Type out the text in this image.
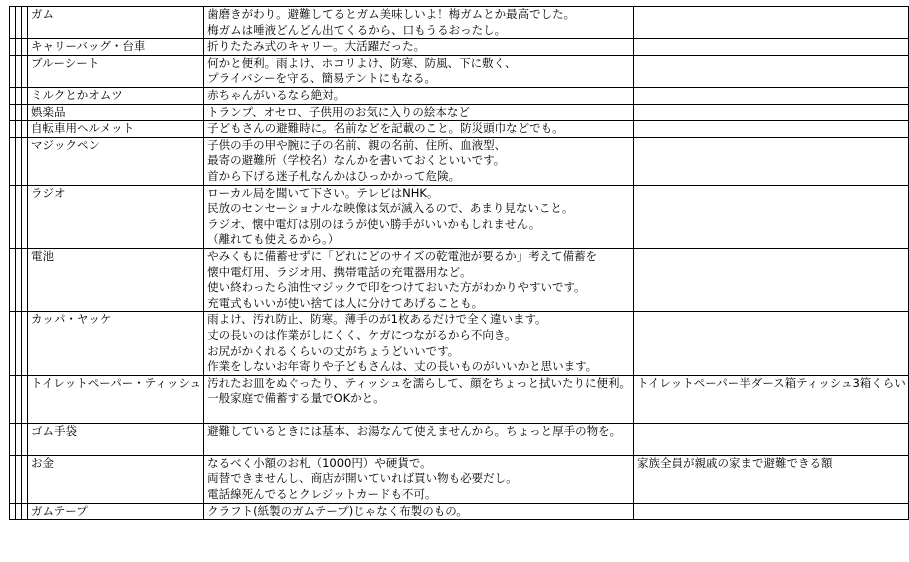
			ガム	歯磨きがわり。避難してるとガム美味しいよ！梅ガムとか最高でした。
梅ガムは唾液どんどん出てくるから、口もうるおったし。	

			キャリーバッグ・台車	折りたたみ式のキャリー。大活躍だった。	

			ブルーシート	何かと便利。雨よけ、ホコリよけ、防寒、防風、下に敷く、
プライバシーを守る、簡易テントにもなる。	

			ミルクとかオムツ	赤ちゃんがいるなら絶対。	

			娯楽品	トランプ、オセロ、子供用のお気に入りの絵本など	

			自転車用ヘルメット	子どもさんの避難時に。名前などを記載のこと。防災頭巾などでも。	

			マジックペン	子供の手の甲や腕に子の名前、親の名前、住所、血液型、
最寄の避難所（学校名）なんかを書いておくといいです。
首から下げる迷子札なんかはひっかかって危険。	

			ラジオ	ローカル局を聞いて下さい。テレビはNHK。
民放のセンセーショナルな映像は気が滅入るので、あまり見ないこと。
ラジオ、懐中電灯は別のほうが使い勝手がいいかもしれません。
（離れても使えるから。）	

			電池	やみくもに備蓄せずに「どれにどのサイズの乾電池が要るか」考えて備蓄を
懐中電灯用、ラジオ用、携帯電話の充電器用など。
使い終わったら油性マジックで印をつけておいた方がわかりやすいです。
充電式もいいが使い捨ては人に分けてあげることも。	

			カッパ・ヤッケ	雨よけ、汚れ防止、防寒。薄手のが1枚あるだけで全く違います。
丈の長いのは作業がしにくく、ケガにつながるから不向き。
お尻がかくれるくらいの丈がちょうどいいです。
作業をしないお年寄りや子どもさんは、丈の長いものがいいかと思います。	

			トイレットペーパー・ティッシュ	汚れたお皿をぬぐったり、ティッシュを濡らして、顔をちょっと拭いたりに便利。
一般家庭で備蓄する量でOKかと。	トイレットペーパー半ダース箱ティッシュ3箱くらい
			ゴム手袋	避難しているときには基本、お湯なんて使えませんから。ちょっと厚手の物を。	

			お金	なるべく小額のお札（1000円）や硬貨で。
両替できませんし、商店が開いていれば買い物も必要だし。
電話線死んでるとクレジットカードも不可。	家族全員が親戚の家まで避難できる額
			ガムテープ	クラフト(紙製のガムテープ)じゃなく布製のもの。	
